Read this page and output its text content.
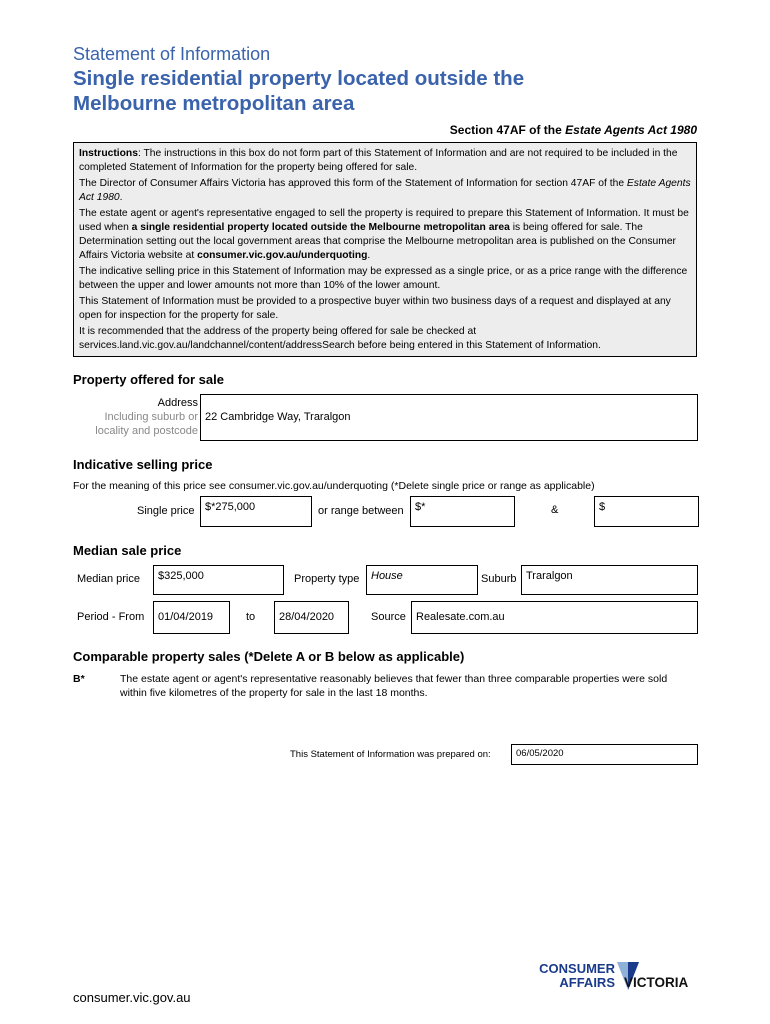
Statement of Information
Single residential property located outside the
Melbourne metropolitan area
Section 47AF of the Estate Agents Act 1980

Instructions: The instructions in this box do not form part of this Statement of Information and are not required to be included in the completed Statement of Information for the property being offered for sale.

The Director of Consumer Affairs Victoria has approved this form of the Statement of Information for section 47AF of the Estate Agents Act 1980.

The estate agent or agent's representative engaged to sell the property is required to prepare this Statement of Information. It must be used when a single residential property located outside the Melbourne metropolitan area is being offered for sale. The Determination setting out the local government areas that comprise the Melbourne metropolitan area is published on the Consumer Affairs Victoria website at consumer.vic.gov.au/underquoting.

The indicative selling price in this Statement of Information may be expressed as a single price, or as a price range with the difference between the upper and lower amounts not more than 10% of the lower amount.

This Statement of Information must be provided to a prospective buyer within two business days of a request and displayed at any open for inspection for the property for sale.

It is recommended that the address of the property being offered for sale be checked at services.land.vic.gov.au/landchannel/content/addressSearch before being entered in this Statement of Information.

Property offered for sale
Address
Including suburb or
locality and postcode
22 Cambridge Way, Traralgon
Indicative selling price
For the meaning of this price see consumer.vic.gov.au/underquoting (*Delete single price or range as applicable)
Single price $*275,000	or range between	$*	&	$
Median sale price
Median price	$325,000	Property type	House	Suburb Traralgon
Period - From	01/04/2019	to	28/04/2020	Source Realesate.com.au
Comparable property sales (*Delete A or B below as applicable)
B*	The estate agent or agent's representative reasonably believes that fewer than three comparable properties were sold within five kilometres of the property for sale in the last 18 months.
This Statement of Information was prepared on:	06/05/2020
consumer.vic.gov.au
CONSUMER
AFFAIRS VICTORIA
